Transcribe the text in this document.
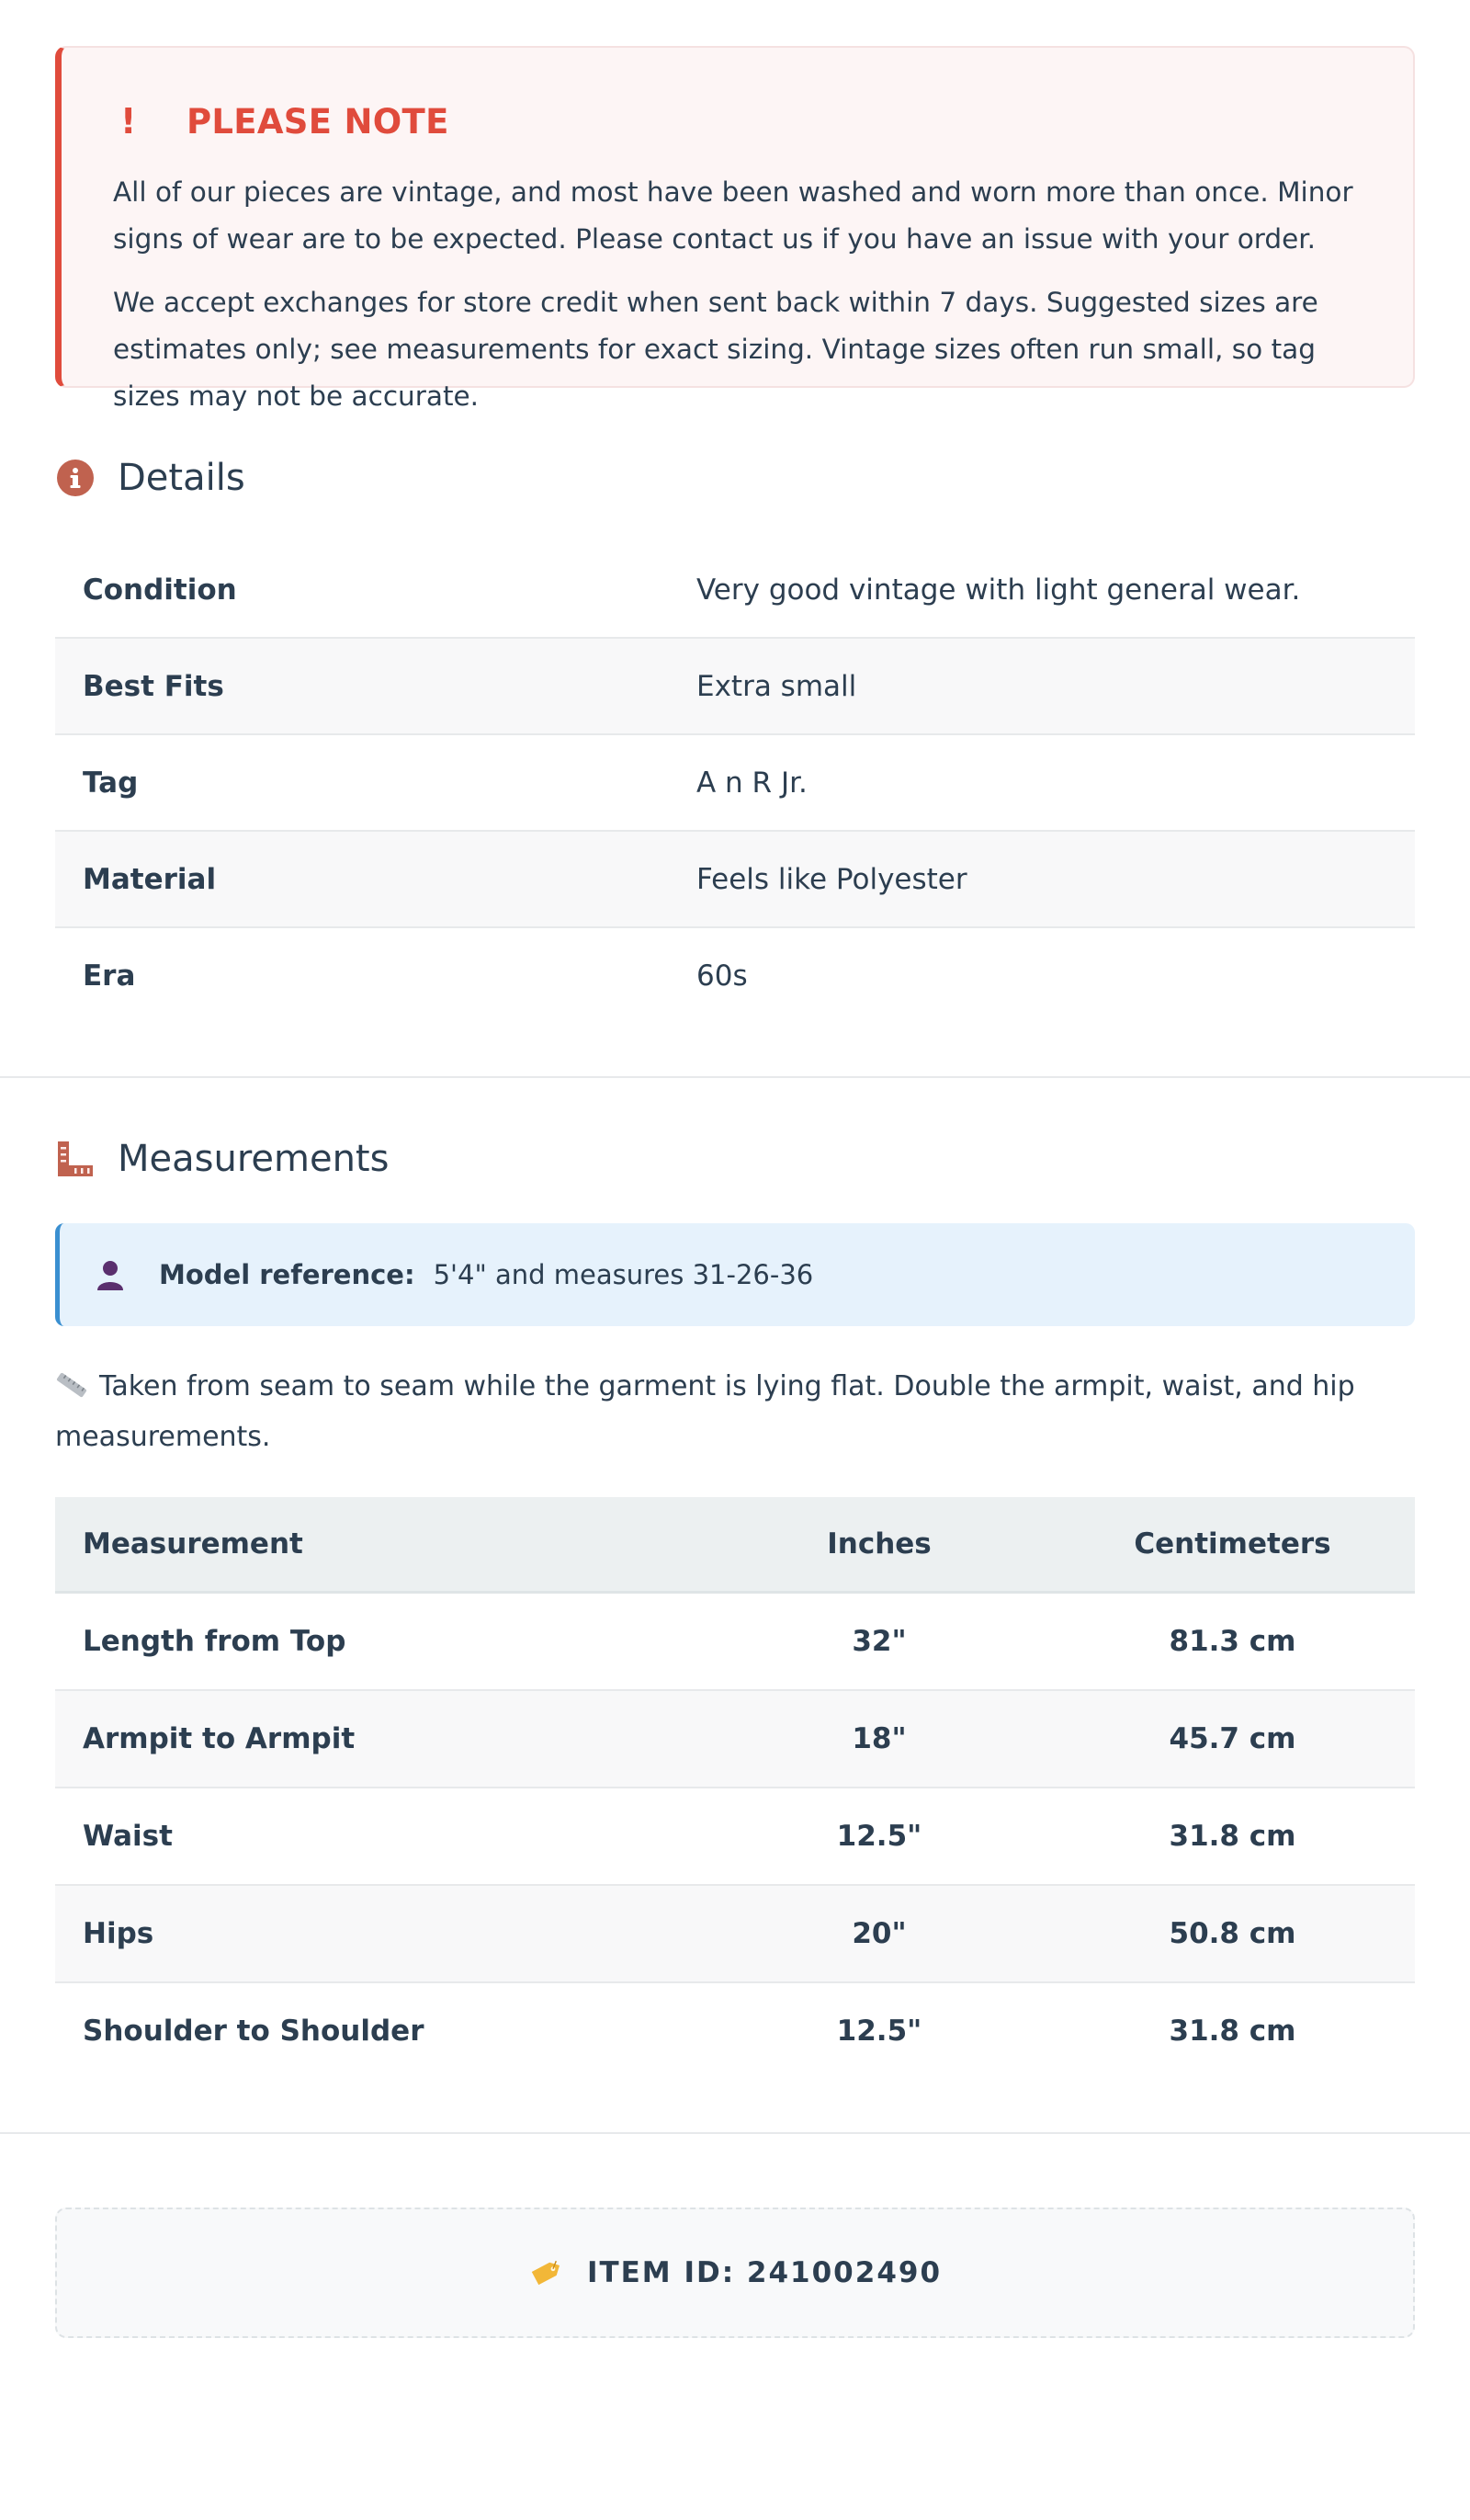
!	PLEASE NOTE

All of our pieces are vintage, and most have been washed and worn more than once. Minor signs of wear are to be expected. Please contact us if you have an issue with your order.

We accept exchanges for store credit when sent back within 7 days. Suggested sizes are estimates only; see measurements for exact sizing. Vintage sizes often run small, so tag sizes may not be accurate.

Details
Condition	Very good vintage with light general wear.
Best Fits	Extra small
Tag	A n R Jr.
Material	Feels like Polyester
Era	60s
Measurements
Model reference: 5'4" and measures 31-26-36
Taken from seam to seam while the garment is lying flat. Double the armpit, waist, and hip measurements.
Measurement	Inches	Centimeters
Length from Top	32"	81.3 cm
Armpit to Armpit	18"	45.7 cm
Waist	12.5"	31.8 cm
Hips	20"	50.8 cm
Shoulder to Shoulder	12.5"	31.8 cm
ITEM ID: 241002490
